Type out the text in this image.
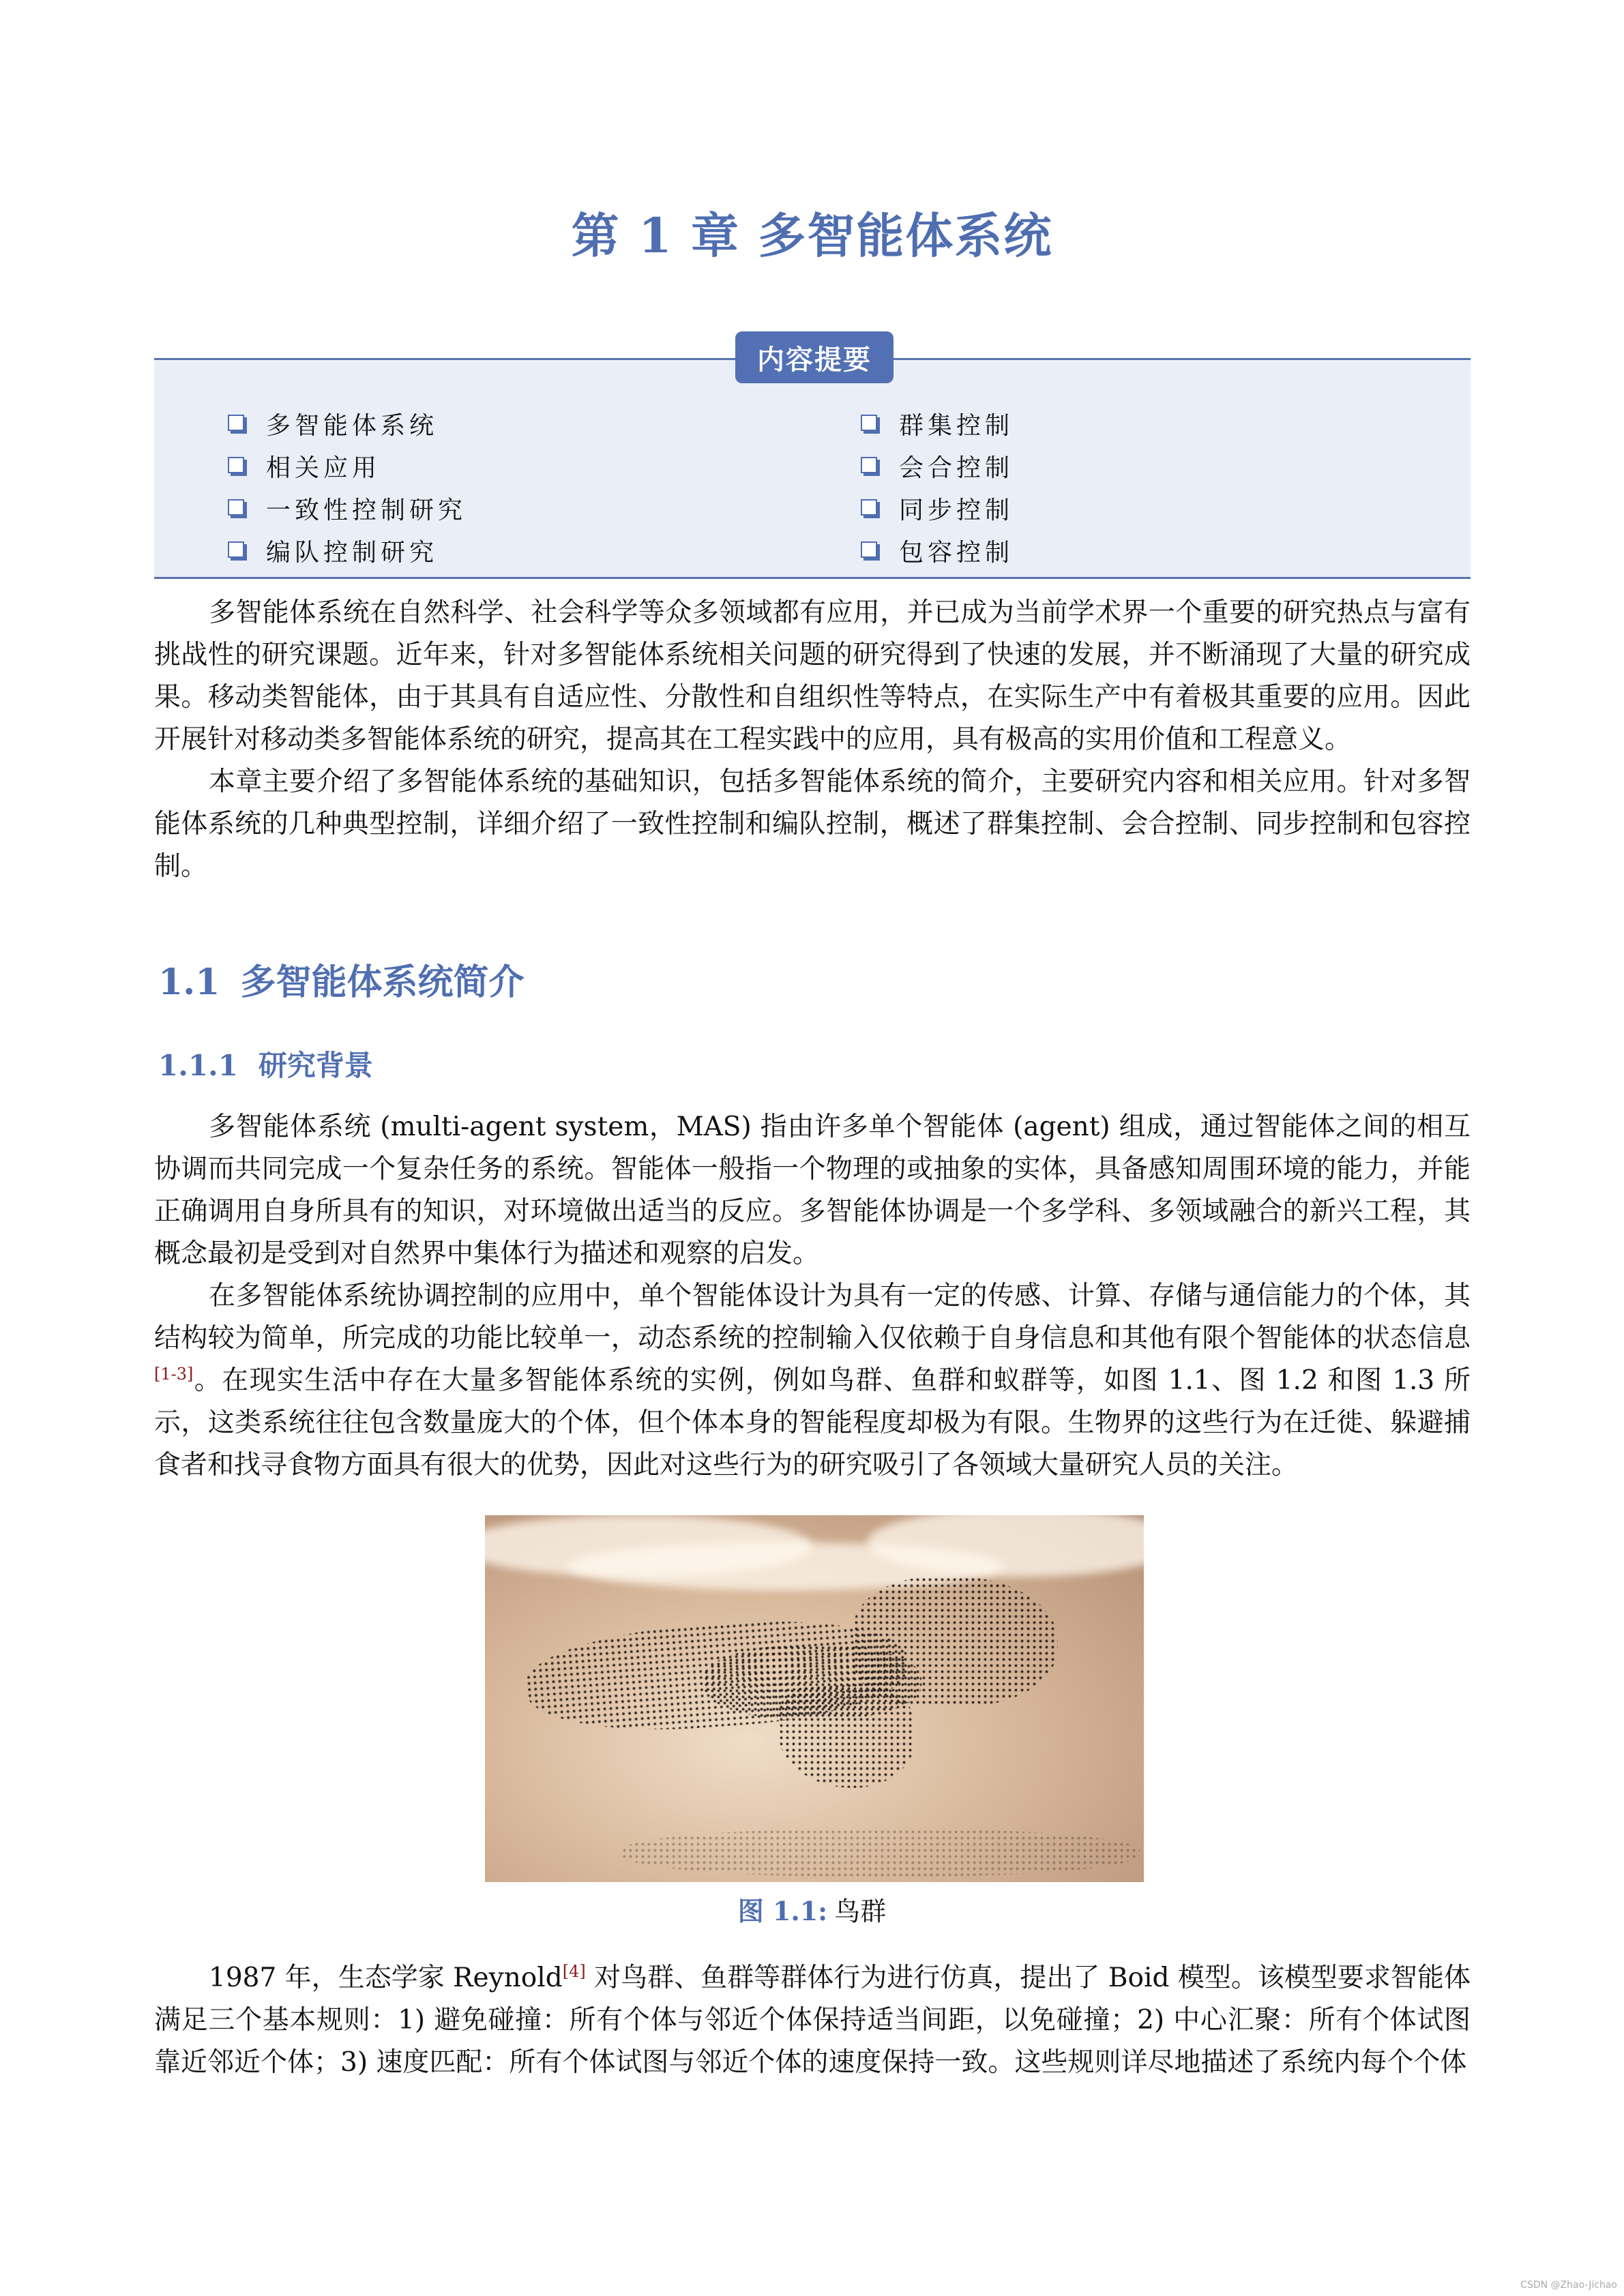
第 1 章 多智能体系统
内容提要
多智能体系统
相关应用
一致性控制研究
编队控制研究
群集控制
会合控制
同步控制
包容控制

多智能体系统在自然科学、社会科学等众多领域都有应用，并已成为当前学术界一个重要的研究热点与富有挑战性的研究课题。近年来，针对多智能体系统相关问题的研究得到了快速的发展，并不断涌现了大量的研究成果。移动类智能体，由于其具有自适应性、分散性和自组织性等特点，在实际生产中有着极其重要的应用。因此开展针对移动类多智能体系统的研究，提高其在工程实践中的应用，具有极高的实用价值和工程意义。

本章主要介绍了多智能体系统的基础知识，包括多智能体系统的简介，主要研究内容和相关应用。针对多智能体系统的几种典型控制，详细介绍了一致性控制和编队控制，概述了群集控制、会合控制、同步控制和包容控制。

1.1 多智能体系统简介
1.1.1 研究背景

多智能体系统 (multi-agent system，MAS) 指由许多单个智能体 (agent) 组成，通过智能体之间的相互协调而共同完成一个复杂任务的系统。智能体一般指一个物理的或抽象的实体，具备感知周围环境的能力，并能正确调用自身所具有的知识，对环境做出适当的反应。多智能体协调是一个多学科、多领域融合的新兴工程，其概念最初是受到对自然界中集体行为描述和观察的启发。

在多智能体系统协调控制的应用中，单个智能体设计为具有一定的传感、计算、存储与通信能力的个体，其结构较为简单，所完成的功能比较单一，动态系统的控制输入仅依赖于自身信息和其他有限个智能体的状态信息[1-3]。在现实生活中存在大量多智能体系统的实例，例如鸟群、鱼群和蚁群等，如图 1.1、图 1.2 和图 1.3 所示，这类系统往往包含数量庞大的个体，但个体本身的智能程度却极为有限。生物界的这些行为在迁徙、躲避捕食者和找寻食物方面具有很大的优势，因此对这些行为的研究吸引了各领域大量研究人员的关注。

图 1.1: 鸟群

1987 年，生态学家 Reynold[4] 对鸟群、鱼群等群体行为进行仿真，提出了 Boid 模型。该模型要求智能体满足三个基本规则：1) 避免碰撞：所有个体与邻近个体保持适当间距，以免碰撞；2) 中心汇聚：所有个体试图靠近邻近个体；3) 速度匹配：所有个体试图与邻近个体的速度保持一致。这些规则详尽地描述了系统内每个个体

CSDN @Zhao-Jichao
